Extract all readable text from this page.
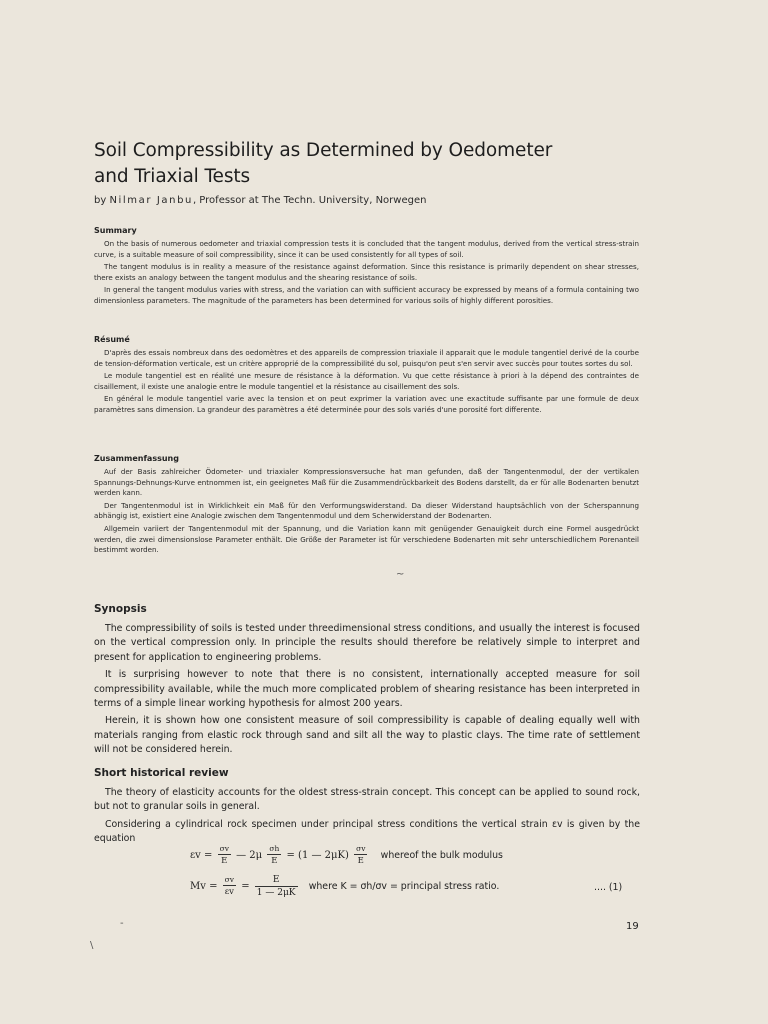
Soil Compressibility as Determined by Oedometer
and Triaxial Tests
by Nilmar Janbu, Professor at The Techn. University, Norwegen
Summary

On the basis of numerous oedometer and triaxial compression tests it is concluded that the tangent modulus, derived from the vertical stress-strain curve, is a suitable measure of soil compressibility, since it can be used consistently for all types of soil.

The tangent modulus is in reality a measure of the resistance against deformation. Since this resistance is primarily dependent on shear stresses, there exists an analogy between the tangent modulus and the shearing resistance of soils.

In general the tangent modulus varies with stress, and the variation can with sufficient accuracy be expressed by means of a formula containing two dimensionless parameters. The magnitude of the parameters has been determined for various soils of highly different porosities.

Résumé

D'après des essais nombreux dans des oedomètres et des appareils de compression triaxiale il apparait que le module tangentiel derivé de la courbe de tension-déformation verticale, est un critère approprié de la compressibilité du sol, puisqu'on peut s'en servir avec succès pour toutes sortes du sol.

Le module tangentiel est en réalité une mesure de résistance à la déformation. Vu que cette résistance à priori à la dépend des contraintes de cisaillement, il existe une analogie entre le module tangentiel et la résistance au cisaillement des sols.

En général le module tangentiel varie avec la tension et on peut exprimer la variation avec une exactitude suffisante par une formule de deux paramètres sans dimension. La grandeur des paramètres a été determinée pour des sols variés d'une porosité fort differente.

Zusammenfassung

Auf der Basis zahlreicher Ödometer- und triaxialer Kompressionsversuche hat man gefunden, daß der Tangentenmodul, der der vertikalen Spannungs-Dehnungs-Kurve entnommen ist, ein geeignetes Maß für die Zusammendrückbarkeit des Bodens darstellt, da er für alle Bodenarten benutzt werden kann.

Der Tangentenmodul ist in Wirklichkeit ein Maß für den Verformungswiderstand. Da dieser Widerstand hauptsächlich von der Scherspannung abhängig ist, existiert eine Analogie zwischen dem Tangentenmodul und dem Scherwiderstand der Bodenarten.

Allgemein variiert der Tangentenmodul mit der Spannung, und die Variation kann mit genügender Genauigkeit durch eine Formel ausgedrückt werden, die zwei dimensionslose Parameter enthält. Die Größe der Parameter ist für verschiedene Bodenarten mit sehr unterschiedlichem Porenanteil bestimmt worden.

~
Synopsis

The compressibility of soils is tested under threedimensional stress conditions, and usually the interest is focused on the vertical compression only. In principle the results should therefore be relatively simple to interpret and present for application to engineering problems.

It is surprising however to note that there is no consistent, internationally accepted measure for soil compressibility available, while the much more complicated problem of shearing resistance has been interpreted in terms of a simple linear working hypothesis for almost 200 years.

Herein, it is shown how one consistent measure of soil compressibility is capable of dealing equally well with materials ranging from elastic rock through sand and silt all the way to plastic clays. The time rate of settlement will not be considered herein.

Short historical review

The theory of elasticity accounts for the oldest stress-strain concept. This concept can be applied to sound rock, but not to granular soils in general.

Considering a cylindrical rock specimen under principal stress conditions the vertical strain εv is given by the equation

$\varepsilon v = \frac{\sigma v}{E}$ — $2\mu \frac{\sigma h}{E} = (1$ — $2\mu K) \frac{\sigma v}{E}$ whereof the bulk modulus
$Mv = \frac{\sigma v}{\varepsilon v} = \frac{E}{1 — 2\mu K}$ where K = σh/σv = principal stress ratio.	.... (1)
-
\
19
